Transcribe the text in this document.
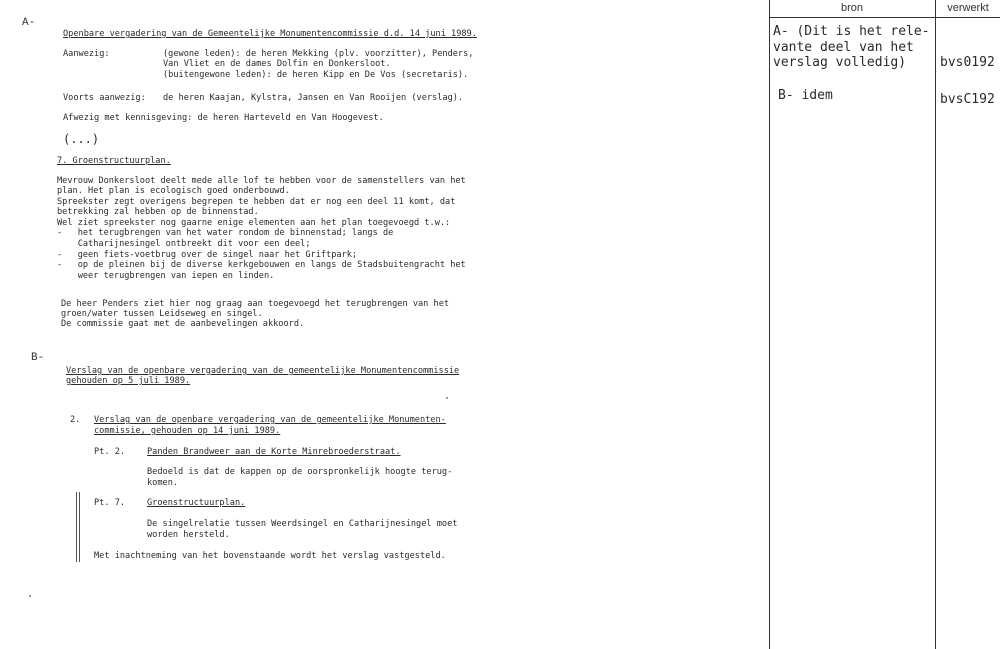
A-
Openbare vergadering van de Gemeentelijke Monumentencommissie d.d. 14 juni 1989.
Aanwezig:	(gewone leden): de heren Mekking (plv. voorzitter), Penders,
Van Vliet en de dames Dolfin en Donkersloot.
(buitengewone leden): de heren Kipp en De Vos (secretaris).
Voorts aanwezig: de heren Kaajan, Kylstra, Jansen en Van Rooijen (verslag).
Afwezig met kennisgeving: de heren Harteveld en Van Hoogevest.
(...)
7. Groenstructuurplan.
Mevrouw Donkersloot deelt mede alle lof te hebben voor de samenstellers van het
plan. Het plan is ecologisch goed onderbouwd.
Spreekster zegt overigens begrepen te hebben dat er nog een deel 11 komt, dat
betrekking zal hebben op de binnenstad.
Wel ziet spreekster nog gaarne enige elementen aan het plan toegevoegd t.w.:
-   het terugbrengen van het water rondom de binnenstad; langs de
Catharijnesingel ontbreekt dit voor een deel;
-   geen fiets-voetbrug over de singel naar het Griftpark;
-   op de pleinen bij de diverse kerkgebouwen en langs de Stadsbuitengracht het
weer terugbrengen van iepen en linden.
De heer Penders ziet hier nog graag aan toegevoegd het terugbrengen van het
groen/water tussen Leidseweg en singel.
De commissie gaat met de aanbevelingen akkoord.
B-
Verslag van de openbare vergadering van de gemeentelijke Monumentencommissie
gehouden op 5 juli 1989.
2. Verslag van de openbare vergadering van de gemeentelijke Monumenten-
commissie, gehouden op 14 juni 1989.
Pt. 2.	Panden Brandweer aan de Korte Minrebroederstraat.
Bedoeld is dat de kappen op de oorspronkelijk hoogte terug-
komen.
Pt. 7.	Groenstructuurplan.
De singelrelatie tussen Weerdsingel en Catharijnesingel moet
worden hersteld.
Met inachtneming van het bovenstaande wordt het verslag vastgesteld.
bron	verwerkt
A- (Dit is het rele-
vante deel van het
verslag volledig)	bvs0192
B- idem	bvsC192
